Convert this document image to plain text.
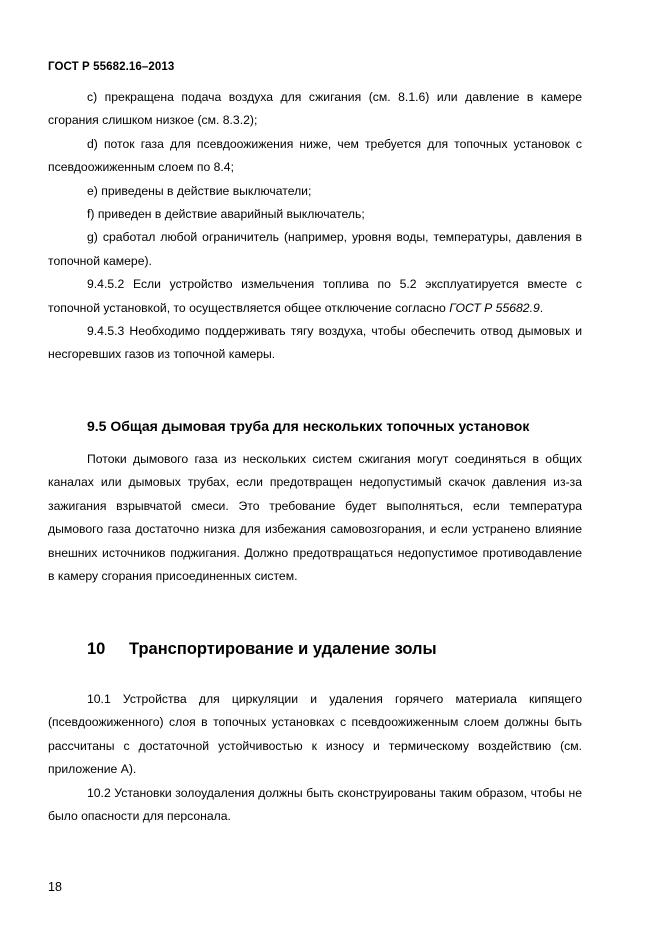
ГОСТ Р 55682.16–2013

с) прекращена подача воздуха для сжигания (см. 8.1.6) или давление в камере сгорания слишком низкое (см. 8.3.2);

d) поток газа для псевдоожижения ниже, чем требуется для топочных установок с псевдоожиженным слоем по 8.4;

е) приведены в действие выключатели;

f) приведен в действие аварийный выключатель;

g) сработал любой ограничитель (например, уровня воды, температуры, давления в топочной камере).

9.4.5.2 Если устройство измельчения топлива по 5.2 эксплуатируется вместе с топочной установкой, то осуществляется общее отключение согласно ГОСТ Р 55682.9.

9.4.5.3 Необходимо поддерживать тягу воздуха, чтобы обеспечить отвод дымовых и несгоревших газов из топочной камеры.

9.5 Общая дымовая труба для нескольких топочных установок

Потоки дымового газа из нескольких систем сжигания могут соединяться в общих каналах или дымовых трубах, если предотвращен недопустимый скачок давления из-за зажигания взрывчатой смеси. Это требование будет выполняться, если температура дымового газа достаточно низка для избежания самовозгорания, и если устранено влияние внешних источников поджигания. Должно предотвращаться недопустимое противодавление в камеру сгорания присоединенных систем.

10 Транспортирование и удаление золы

10.1 Устройства для циркуляции и удаления горячего материала кипящего (псевдоожиженного) слоя в топочных установках с псевдоожиженным слоем должны быть рассчитаны с достаточной устойчивостью к износу и термическому воздействию (см. приложение А).

10.2 Установки золоудаления должны быть сконструированы таким образом, чтобы не было опасности для персонала.

18
